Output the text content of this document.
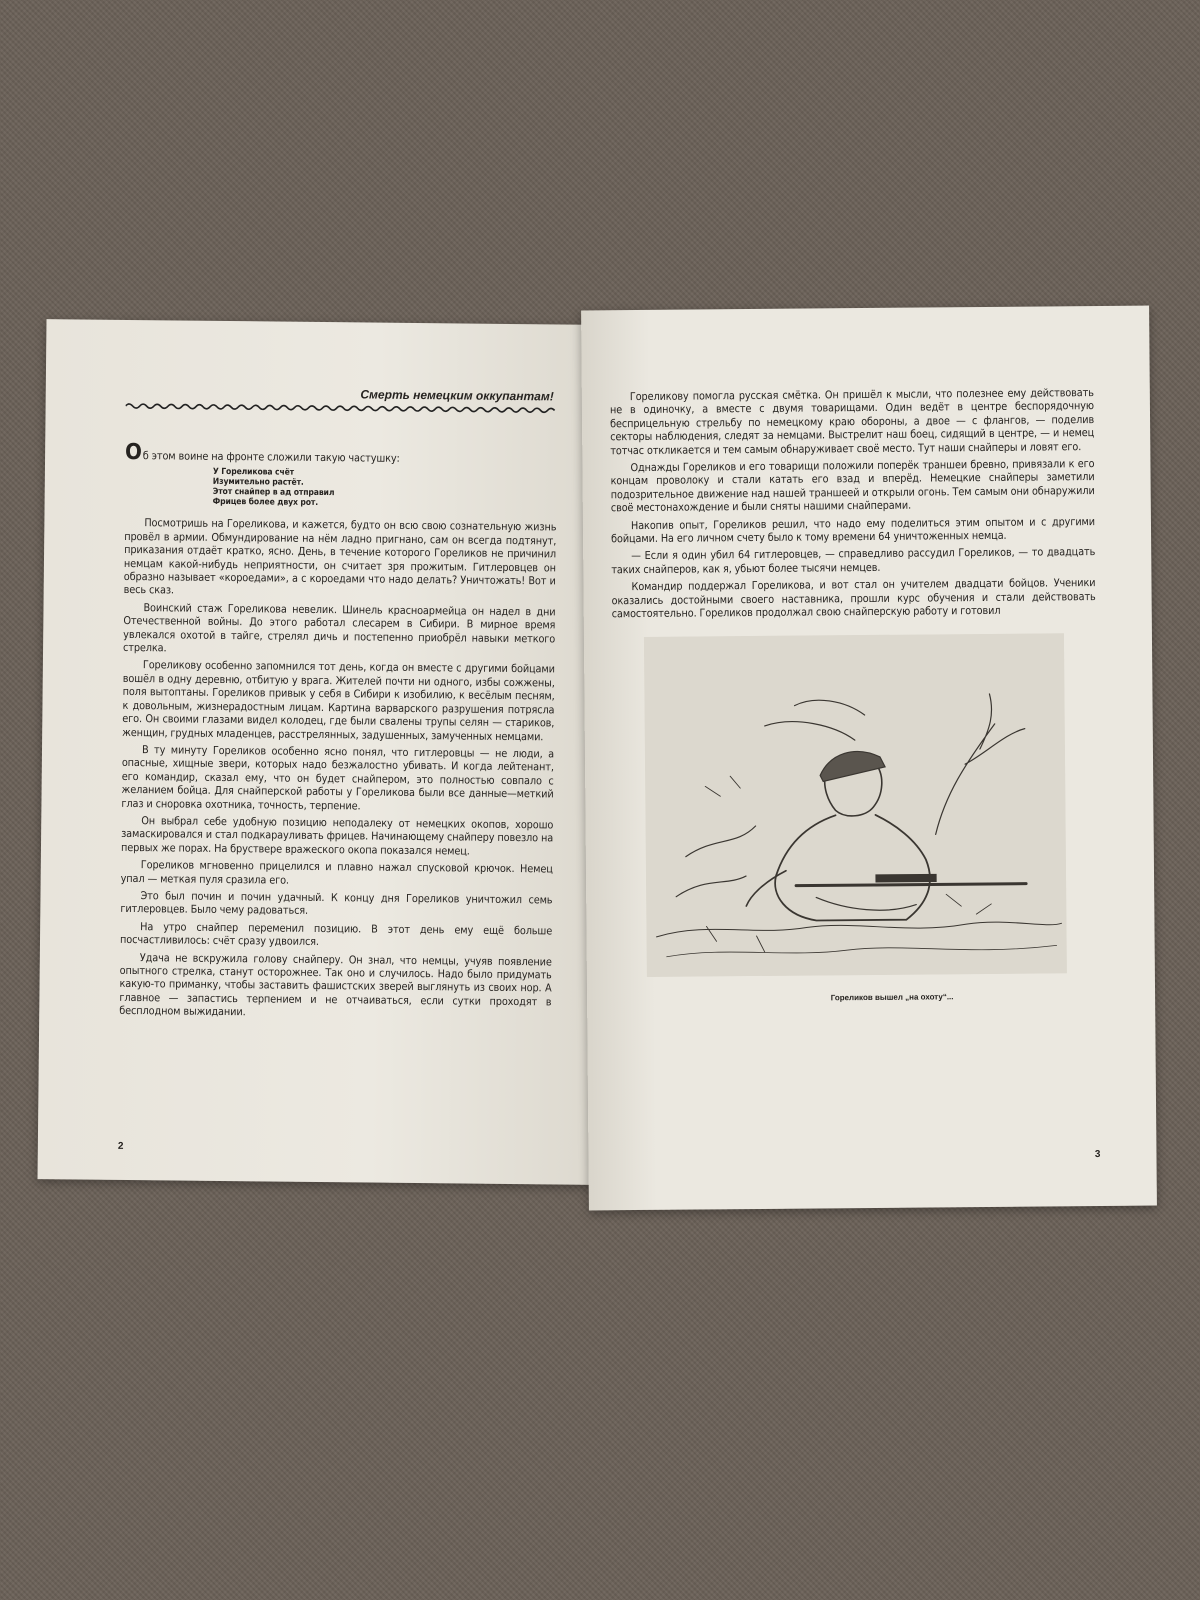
Смерть немецким оккупантам!
Об этом воине на фронте сложили такую частушку:
У Гореликова счёт
Изумительно растёт.
Этот снайпер в ад отправил
Фрицев более двух рот.

Посмотришь на Гореликова, и кажется, будто он всю свою сознательную жизнь провёл в армии. Обмундирование на нём ладно пригнано, сам он всегда подтянут, приказания отдаёт кратко, ясно. День, в течение которого Гореликов не причинил немцам какой-нибудь неприятности, он считает зря прожитым. Гитлеровцев он образно называет «короедами», а с короедами что надо делать? Уничтожать! Вот и весь сказ.

Воинский стаж Гореликова невелик. Шинель красноармейца он надел в дни Отечественной войны. До этого работал слесарем в Сибири. В мирное время увлекался охотой в тайге, стрелял дичь и постепенно приобрёл навыки меткого стрелка.

Гореликову особенно запомнился тот день, когда он вместе с другими бойцами вошёл в одну деревню, отбитую у врага. Жителей почти ни одного, избы сожжены, поля вытоптаны. Гореликов привык у себя в Сибири к изобилию, к весёлым песням, к довольным, жизнерадостным лицам. Картина варварского разрушения потрясла его. Он своими глазами видел колодец, где были свалены трупы селян — стариков, женщин, грудных младенцев, расстрелянных, задушенных, замученных немцами.

В ту минуту Гореликов особенно ясно понял, что гитлеровцы — не люди, а опасные, хищные звери, которых надо безжалостно убивать. И когда лейтенант, его командир, сказал ему, что он будет снайпером, это полностью совпало с желанием бойца. Для снайперской работы у Гореликова были все данные—меткий глаз и сноровка охотника, точность, терпение.

Он выбрал себе удобную позицию неподалеку от немецких окопов, хорошо замаскировался и стал подкарауливать фрицев. Начинающему снайперу повезло на первых же порах. На бруствере вражеского окопа показался немец.

Гореликов мгновенно прицелился и плавно нажал спусковой крючок. Немец упал — меткая пуля сразила его.

Это был почин и почин удачный. К концу дня Гореликов уничтожил семь гитлеровцев. Было чему радоваться.

На утро снайпер переменил позицию. В этот день ему ещё больше посчастливилось: счёт сразу удвоился.

Удача не вскружила голову снайперу. Он знал, что немцы, учуяв появление опытного стрелка, станут осторожнее. Так оно и случилось. Надо было придумать какую-то приманку, чтобы заставить фашистских зверей выглянуть из своих нор. А главное — запастись терпением и не отчаиваться, если сутки проходят в бесплодном выжидании.

2

Гореликову помогла русская смётка. Он пришёл к мысли, что полезнее ему действовать не в одиночку, а вместе с двумя товарищами. Один ведёт в центре беспорядочную бесприцельную стрельбу по немецкому краю обороны, а двое — с флангов, — поделив секторы наблюдения, следят за немцами. Выстрелит наш боец, сидящий в центре, — и немец тотчас откликается и тем самым обнаруживает своё место. Тут наши снайперы и ловят его.

Однажды Гореликов и его товарищи положили поперёк траншеи бревно, привязали к его концам проволоку и стали катать его взад и вперёд. Немецкие снайперы заметили подозрительное движение над нашей траншеей и открыли огонь. Тем самым они обнаружили своё местонахождение и были сняты нашими снайперами.

Накопив опыт, Гореликов решил, что надо ему поделиться этим опытом и с другими бойцами. На его личном счету было к тому времени 64 уничтоженных немца.

— Если я один убил 64 гитлеровцев, — справедливо рассудил Гореликов, — то двадцать таких снайперов, как я, убьют более тысячи немцев.

Командир поддержал Гореликова, и вот стал он учителем двадцати бойцов. Ученики оказались достойными своего наставника, прошли курс обучения и стали действовать самостоятельно. Гореликов продолжал свою снайперскую работу и готовил

Гореликов вышел „на охоту“...
3
